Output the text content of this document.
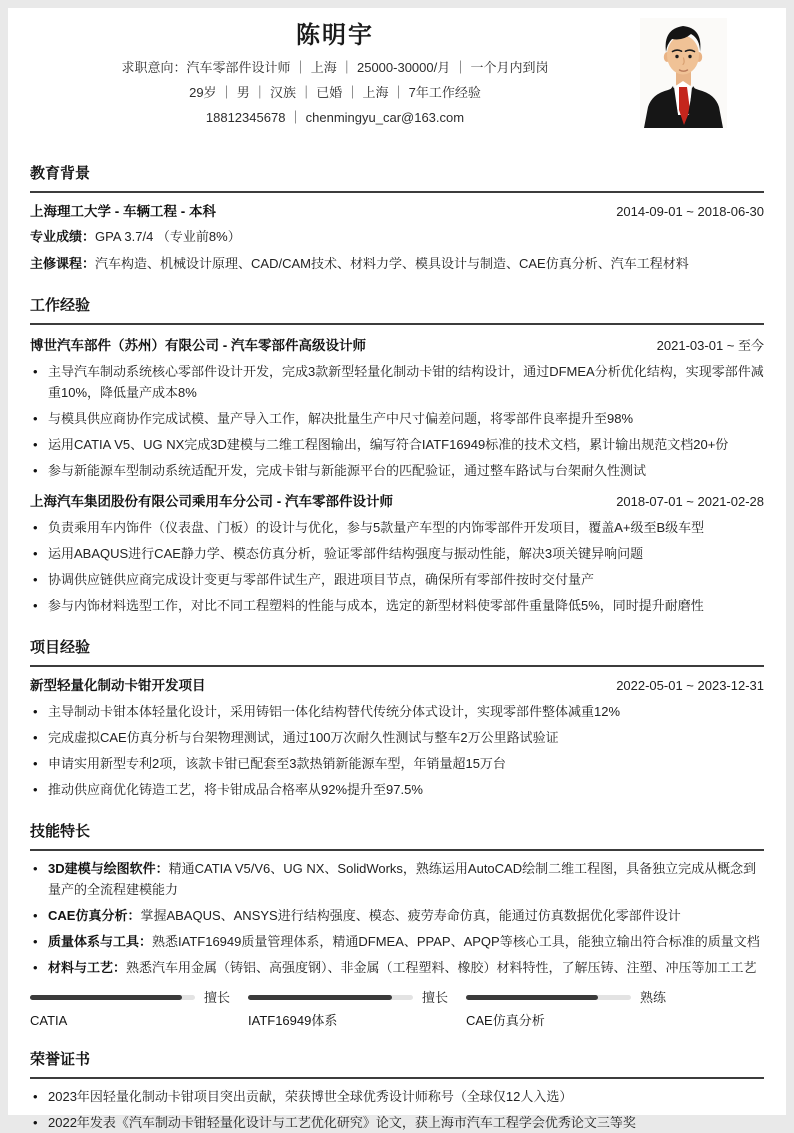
陈明宇
求职意向：汽车零部件设计师 ｜ 上海 ｜ 25000-30000/月 ｜ 一个月内到岗
29岁 ｜ 男 ｜ 汉族 ｜ 已婚 ｜ 上海 ｜ 7年工作经验
18812345678 ｜ chenmingyu_car@163.com
教育背景
上海理工大学 - 车辆工程 - 本科	2014-09-01 ~ 2018-06-30
专业成绩：GPA 3.7/4 （专业前8%）
主修课程：汽车构造、机械设计原理、CAD/CAM技术、材料力学、模具设计与制造、CAE仿真分析、汽车工程材料
工作经验
博世汽车部件（苏州）有限公司 - 汽车零部件高级设计师	2021-03-01 ~ 至今
• 主导汽车制动系统核心零部件设计开发，完成3款新型轻量化制动卡钳的结构设计，通过DFMEA分析优化结构，实现零部件减重10%，降低量产成本8%
• 与模具供应商协作完成试模、量产导入工作，解决批量生产中尺寸偏差问题，将零部件良率提升至98%
• 运用CATIA V5、UG NX完成3D建模与二维工程图输出，编写符合IATF16949标准的技术文档，累计输出规范文档20+份
• 参与新能源车型制动系统适配开发，完成卡钳与新能源平台的匹配验证，通过整车路试与台架耐久性测试
上海汽车集团股份有限公司乘用车分公司 - 汽车零部件设计师	2018-07-01 ~ 2021-02-28
• 负责乘用车内饰件（仪表盘、门板）的设计与优化，参与5款量产车型的内饰零部件开发项目，覆盖A+级至B级车型
• 运用ABAQUS进行CAE静力学、模态仿真分析，验证零部件结构强度与振动性能，解决3项关键异响问题
• 协调供应链供应商完成设计变更与零部件试生产，跟进项目节点，确保所有零部件按时交付量产
• 参与内饰材料选型工作，对比不同工程塑料的性能与成本，选定的新型材料使零部件重量降低5%，同时提升耐磨性
项目经验
新型轻量化制动卡钳开发项目	2022-05-01 ~ 2023-12-31
• 主导制动卡钳本体轻量化设计，采用铸铝一体化结构替代传统分体式设计，实现零部件整体减重12%
• 完成虚拟CAE仿真分析与台架物理测试，通过100万次耐久性测试与整车2万公里路试验证
• 申请实用新型专利2项，该款卡钳已配套至3款热销新能源车型，年销量超15万台
• 推动供应商优化铸造工艺，将卡钳成品合格率从92%提升至97.5%
技能特长
• 3D建模与绘图软件：精通CATIA V5/V6、UG NX、SolidWorks，熟练运用AutoCAD绘制二维工程图，具备独立完成从概念到量产的全流程建模能力
• CAE仿真分析：掌握ABAQUS、ANSYS进行结构强度、模态、疲劳寿命仿真，能通过仿真数据优化零部件设计
• 质量体系与工具：熟悉IATF16949质量管理体系，精通DFMEA、PPAP、APQP等核心工具，能独立输出符合标准的质量文档
• 材料与工艺：熟悉汽车用金属（铸铝、高强度钢）、非金属（工程塑料、橡胶）材料特性，了解压铸、注塑、冲压等加工工艺
擅长
CATIA
擅长
IATF16949体系
熟练
CAE仿真分析
荣誉证书
• 2023年因轻量化制动卡钳项目突出贡献，荣获博世全球优秀设计师称号（全球仅12人入选）
• 2022年发表《汽车制动卡钳轻量化设计与工艺优化研究》论文，获上海市汽车工程学会优秀论文三等奖
